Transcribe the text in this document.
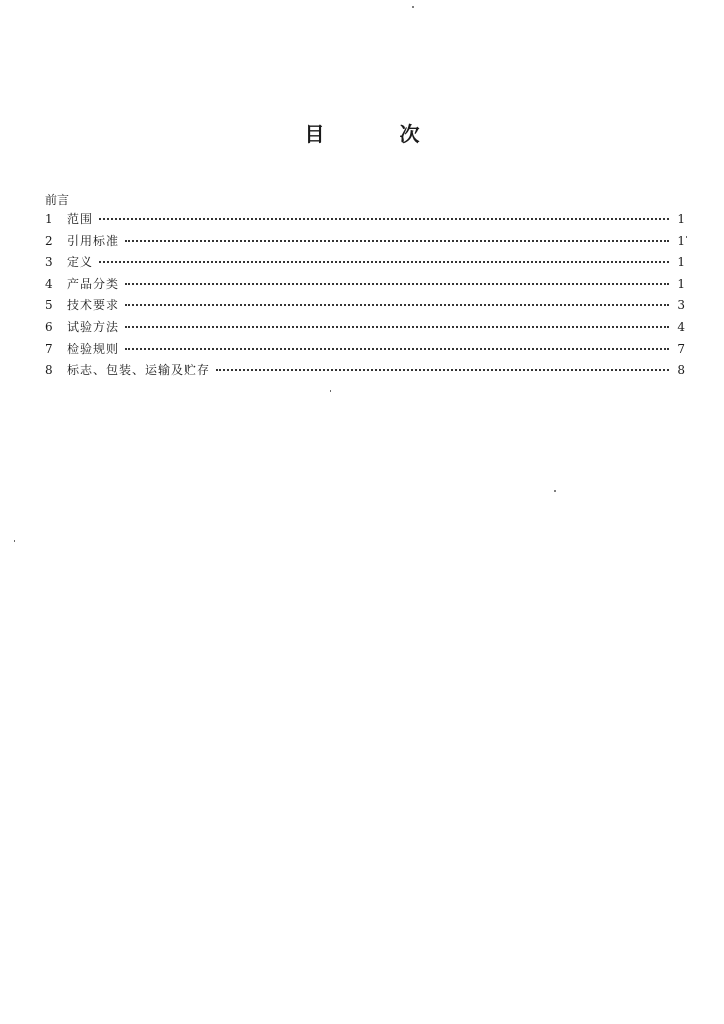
目	次
前言
1	范围	1
2	引用标准	1
3	定义	1
4	产品分类	1
5	技术要求	3
6	试验方法	4
7	检验规则	7
8	标志、包装、运输及贮存	8
